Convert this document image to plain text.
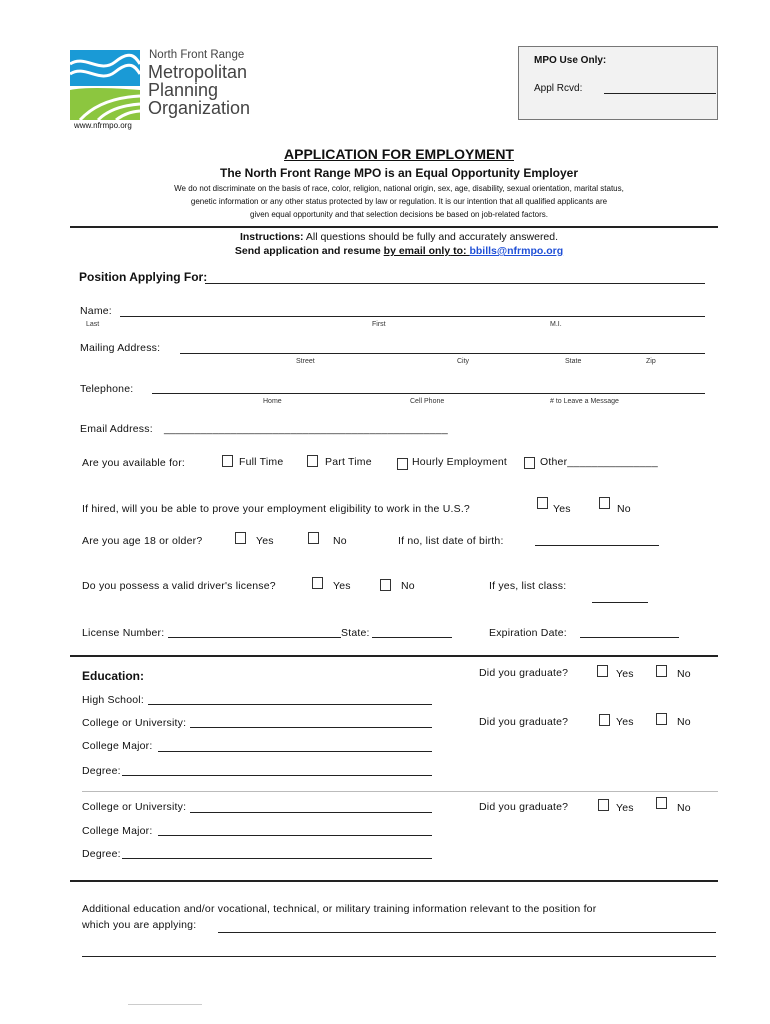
North Front Range
Metropolitan
Planning
Organization
www.nfrmpo.org
MPO Use Only:
Appl Rcvd:
APPLICATION FOR EMPLOYMENT
The North Front Range MPO is an Equal Opportunity Employer
We do not discriminate on the basis of race, color, religion, national origin, sex, age, disability, sexual orientation, marital status,
genetic information or any other status protected by law or regulation. It is our intention that all qualified applicants are
given equal opportunity and that selection decisions be based on job-related factors.
Instructions: All questions should be fully and accurately answered.
Send application and resume by email only to: bbills@nfrmpo.org
Position Applying For:
Name:
Last	First	M.I.
Mailing Address:
Street	City	State	Zip
Telephone:
Home	Cell Phone	# to Leave a Message
Email Address: _______________________________________________
Are you available for:	Full Time	Part Time	Hourly Employment	Other_______________
If hired, will you be able to prove your employment eligibility to work in the U.S.?	Yes	No
Are you age 18 or older?	Yes	No	If no, list date of birth:
Do you possess a valid driver's license?	Yes	No	If yes, list class:
License Number:	State:	Expiration Date:
Education:	Did you graduate?	Yes	No
High School:
College or University:	Did you graduate?	Yes	No
College Major:
Degree:
College or University:	Did you graduate?	Yes	No
College Major:
Degree:
Additional education and/or vocational, technical, or military training information relevant to the position for
which you are applying:
